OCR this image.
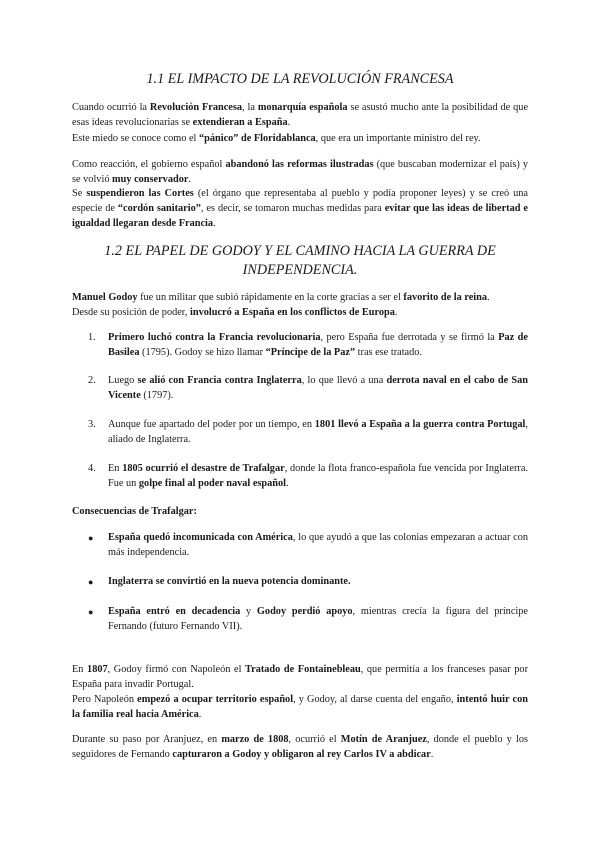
1.1 EL IMPACTO DE LA REVOLUCIÓN FRANCESA
Cuando ocurrió la Revolución Francesa, la monarquía española se asustó mucho ante la posibilidad de que esas ideas revolucionarias se extendieran a España.
Este miedo se conoce como el “pánico” de Floridablanca, que era un importante ministro del rey.
Como reacción, el gobierno español abandonó las reformas ilustradas (que buscaban modernizar el país) y se volvió muy conservador.
Se suspendieron las Cortes (el órgano que representaba al pueblo y podía proponer leyes) y se creó una especie de “cordón sanitario”, es decir, se tomaron muchas medidas para evitar que las ideas de libertad e igualdad llegaran desde Francia.
1.2 EL PAPEL DE GODOY Y EL CAMINO HACIA LA GUERRA DE INDEPENDENCIA.
Manuel Godoy fue un militar que subió rápidamente en la corte gracias a ser el favorito de la reina.
Desde su posición de poder, involucró a España en los conflictos de Europa.
1.	Primero luchó contra la Francia revolucionaria, pero España fue derrotada y se firmó la Paz de Basilea (1795). Godoy se hizo llamar “Príncipe de la Paz” tras ese tratado.
2.	Luego se alió con Francia contra Inglaterra, lo que llevó a una derrota naval en el cabo de San Vicente (1797).
3.	Aunque fue apartado del poder por un tiempo, en 1801 llevó a España a la guerra contra Portugal, aliado de Inglaterra.
4.	En 1805 ocurrió el desastre de Trafalgar, donde la flota franco-española fue vencida por Inglaterra. Fue un golpe final al poder naval español.
Consecuencias de Trafalgar:
● España quedó incomunicada con América, lo que ayudó a que las colonias empezaran a actuar con más independencia.
● Inglaterra se convirtió en la nueva potencia dominante.
● España entró en decadencia y Godoy perdió apoyo, mientras crecía la figura del príncipe Fernando (futuro Fernando VII).
En 1807, Godoy firmó con Napoleón el Tratado de Fontainebleau, que permitía a los franceses pasar por España para invadir Portugal.
Pero Napoleón empezó a ocupar territorio español, y Godoy, al darse cuenta del engaño, intentó huir con la familia real hacia América.
Durante su paso por Aranjuez, en marzo de 1808, ocurrió el Motín de Aranjuez, donde el pueblo y los seguidores de Fernando capturaron a Godoy y obligaron al rey Carlos IV a abdicar.
